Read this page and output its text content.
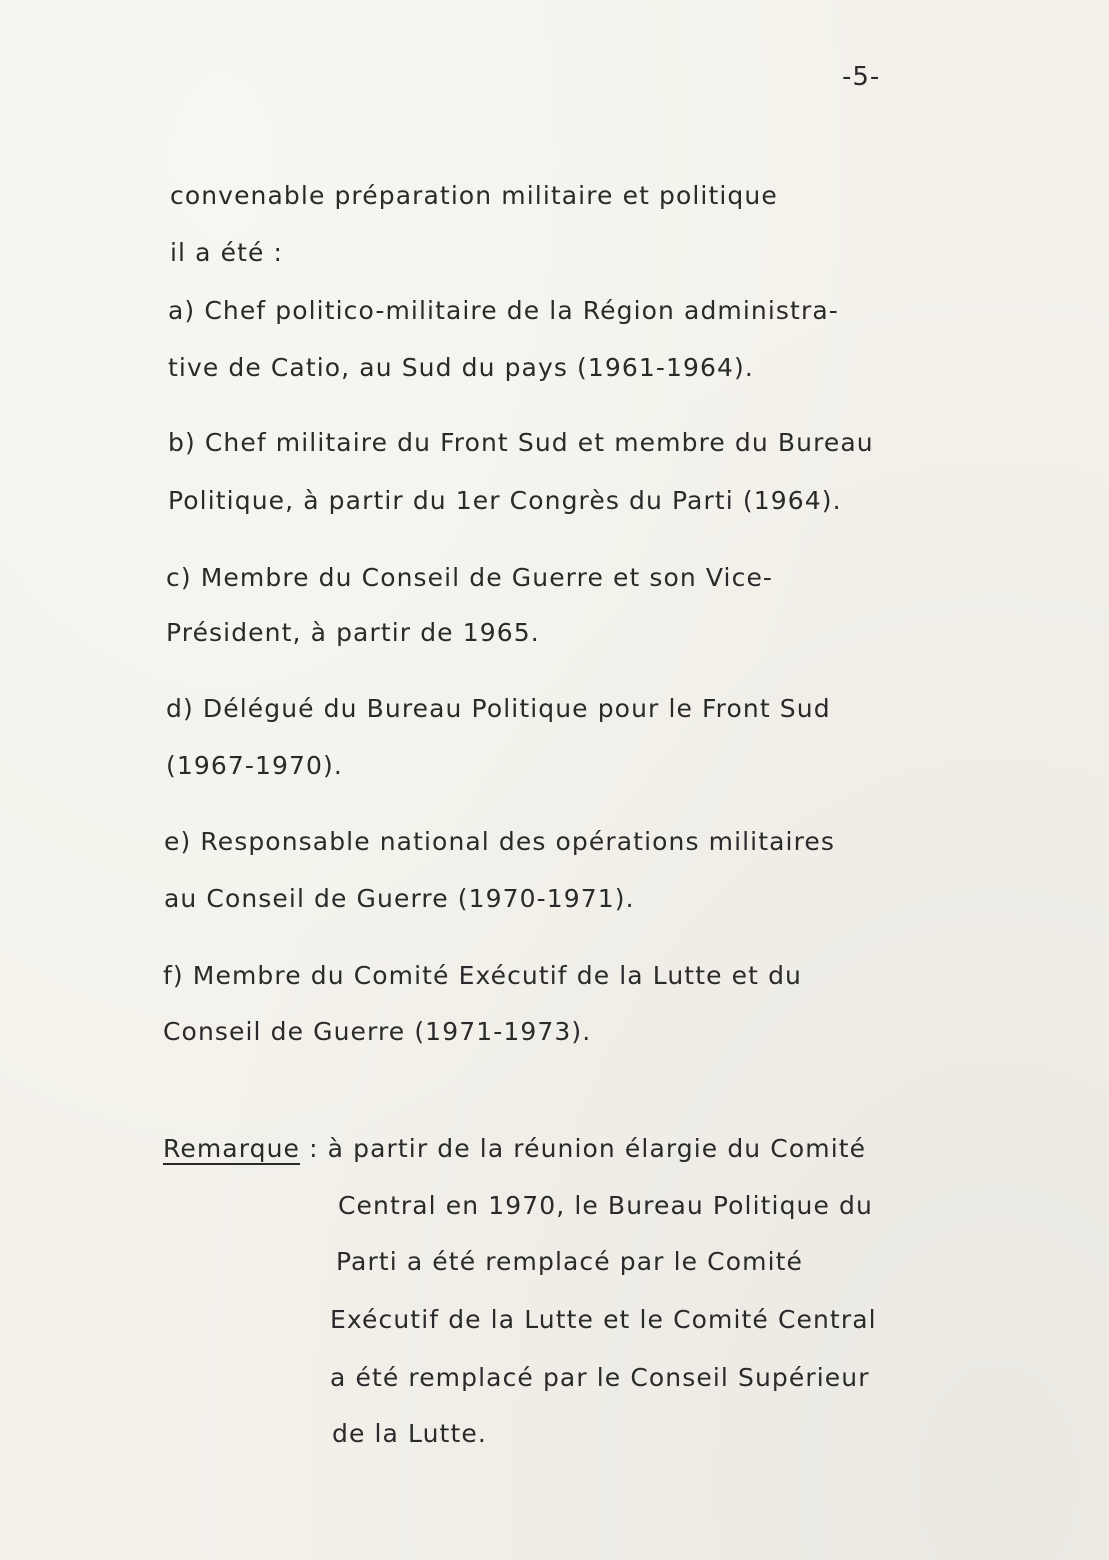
-5-
convenable préparation militaire et politique
il a été :
a) Chef politico-militaire de la Région administra-
tive de Catio, au Sud du pays (1961-1964).
b) Chef militaire du Front Sud et membre du Bureau
Politique, à partir du 1er Congrès du Parti (1964).
c) Membre du Conseil de Guerre et son Vice-
Président, à partir de 1965.
d) Délégué du Bureau Politique pour le Front Sud
(1967-1970).
e) Responsable national des opérations militaires
au Conseil de Guerre (1970-1971).
f) Membre du Comité Exécutif de la Lutte et du
Conseil de Guerre (1971-1973).
Remarque : à partir de la réunion élargie du Comité
Central en 1970, le Bureau Politique du
Parti a été remplacé par le Comité
Exécutif de la Lutte et le Comité Central
a été remplacé par le Conseil Supérieur
de la Lutte.
